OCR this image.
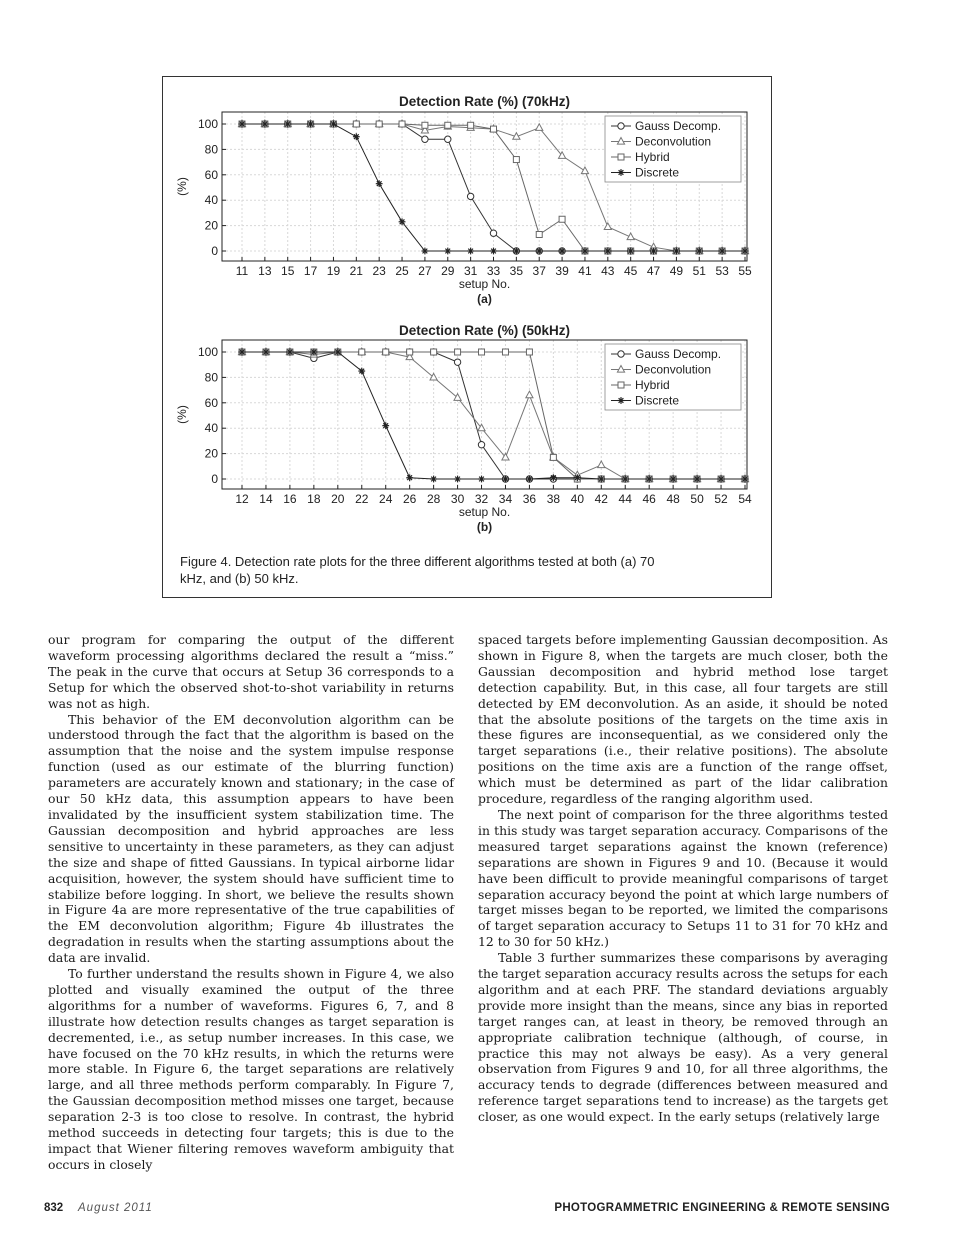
Detection Rate (%) (70kHz)
0
20
40
60
80
100
11 13 15 17 19 21 23 25 27 29 31 33 35 37 39 41 43 45 47 49 51 53 55
setup No.
(a)
(%)
Gauss Decomp.
Deconvolution
Hybrid
Discrete
Detection Rate (%) (50kHz)
0
20
40
60
80
100
12 14 16 18 20 22 24 26 28 30 32 34 36 38 40 42 44 46 48 50 52 54
setup No.
(b)
(%)
Gauss Decomp.
Deconvolution
Hybrid
Discrete
Figure 4. Detection rate plots for the three different algorithms tested at both (a) 70
kHz, and (b) 50 kHz.

our program for comparing the output of the different waveform processing algorithms declared the result a “miss.” The peak in the curve that occurs at Setup 36 corresponds to a Setup for which the observed shot-to-shot variability in returns was not as high.

This behavior of the EM deconvolution algorithm can be understood through the fact that the algorithm is based on the assumption that the noise and the system impulse response function (used as our estimate of the blurring function) parameters are accurately known and stationary; in the case of our 50 kHz data, this assumption appears to have been invalidated by the insufficient system stabilization time. The Gaussian decomposition and hybrid approaches are less sensitive to uncertainty in these parameters, as they can adjust the size and shape of fitted Gaussians. In typical airborne lidar acquisition, however, the system should have sufficient time to stabilize before logging. In short, we believe the results shown in Figure 4a are more representative of the true capabilities of the EM deconvolution algorithm; Figure 4b illustrates the degradation in results when the starting assumptions about the data are invalid.

To further understand the results shown in Figure 4, we also plotted and visually examined the output of the three algorithms for a number of waveforms. Figures 6, 7, and 8 illustrate how detection results changes as target separation is decremented, i.e., as setup number increases. In this case, we have focused on the 70 kHz results, in which the returns were more stable. In Figure 6, the target separations are relatively large, and all three methods perform comparably. In Figure 7, the Gaussian decomposition method misses one target, because separation 2-3 is too close to resolve. In contrast, the hybrid method succeeds in detecting four targets; this is due to the impact that Wiener filtering removes waveform ambiguity that occurs in closely

spaced targets before implementing Gaussian decomposition. As shown in Figure 8, when the targets are much closer, both the Gaussian decomposition and hybrid method lose target detection capability. But, in this case, all four targets are still detected by EM deconvolution. As an aside, it should be noted that the absolute positions of the targets on the time axis in these figures are inconsequential, as we considered only the target separations (i.e., their relative positions). The absolute positions on the time axis are a function of the range offset, which must be determined as part of the lidar calibration procedure, regardless of the ranging algorithm used.

The next point of comparison for the three algorithms tested in this study was target separation accuracy. Comparisons of the measured target separations against the known (reference) separations are shown in Figures 9 and 10. (Because it would have been difficult to provide meaningful comparisons of target separation accuracy beyond the point at which large numbers of target misses began to be reported, we limited the comparisons of target separation accuracy to Setups 11 to 31 for 70 kHz and 12 to 30 for 50 kHz.)

Table 3 further summarizes these comparisons by averaging the target separation accuracy results across the setups for each algorithm and at each PRF. The standard deviations arguably provide more insight than the means, since any bias in reported target ranges can, at least in theory, be removed through an appropriate calibration technique (although, of course, in practice this may not always be easy). As a very general observation from Figures 9 and 10, for all three algorithms, the accuracy tends to degrade (differences between measured and reference target separations tend to increase) as the targets get closer, as one would expect. In the early setups (relatively large

832 August 2011	PHOTOGRAMMETRIC ENGINEERING & REMOTE SENSING
